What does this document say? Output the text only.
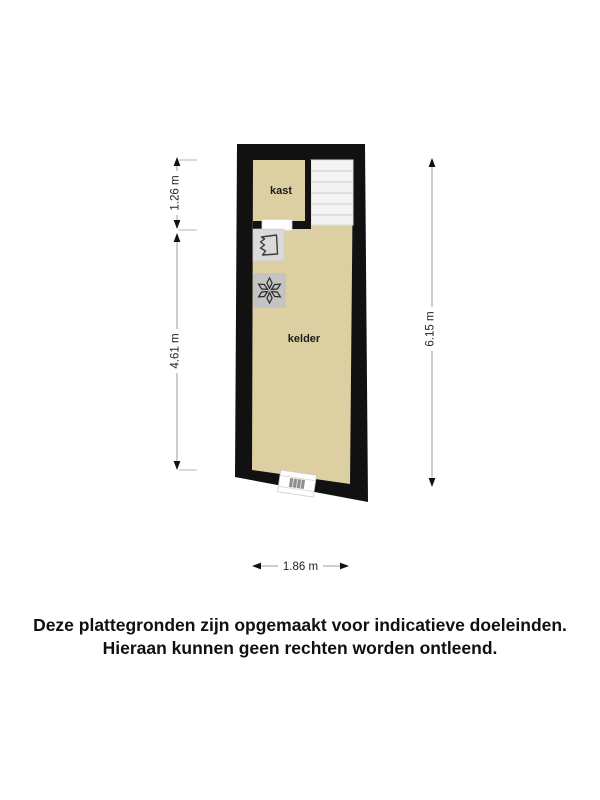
kast
kelder
1.26 m
4.61 m
6.15 m
1.86 m
Deze plattegronden zijn opgemaakt voor indicatieve doeleinden.
Hieraan kunnen geen rechten worden ontleend.
